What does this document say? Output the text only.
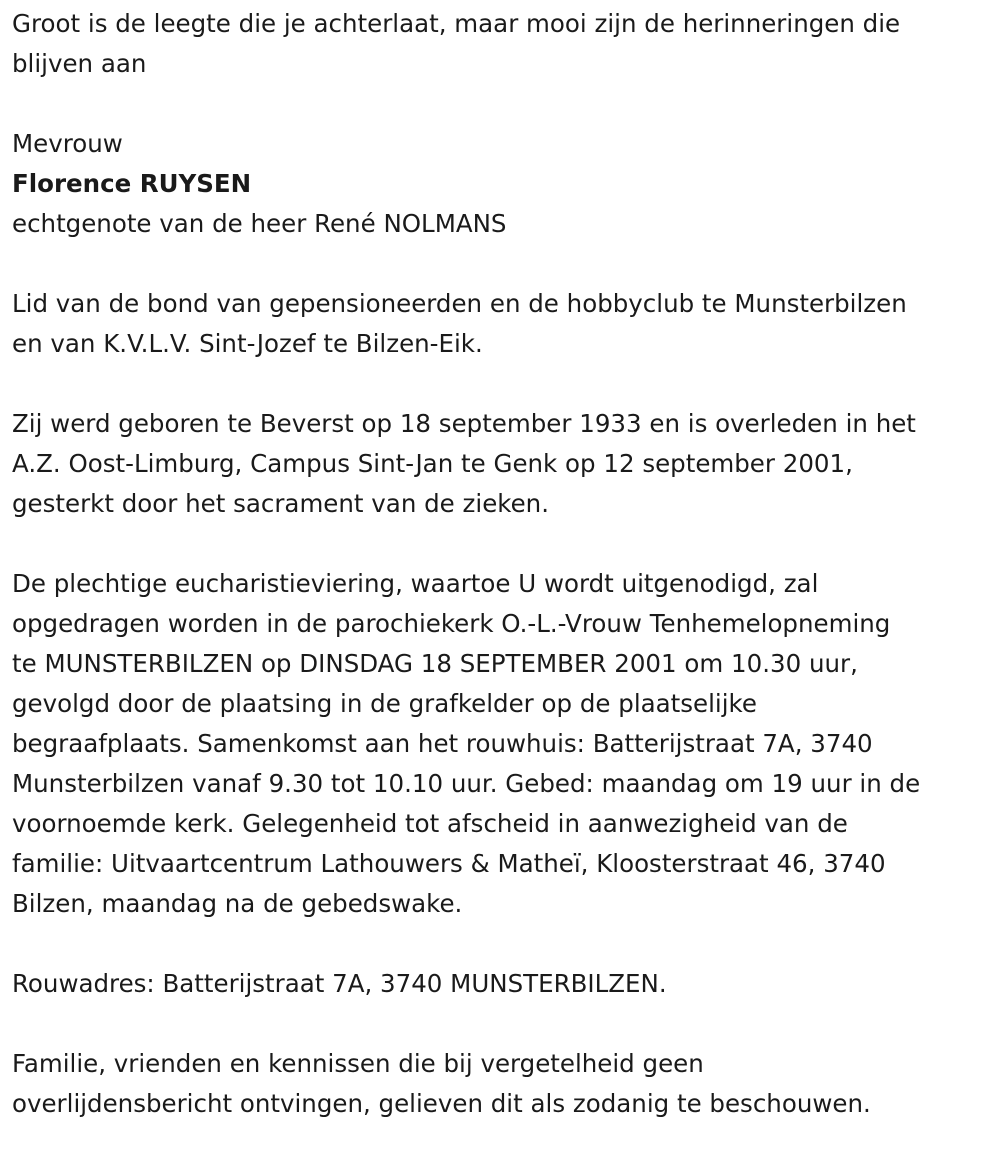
Groot is de leegte die je achterlaat, maar mooi zijn de herinneringen die
blijven aan
Mevrouw
Florence RUYSEN
echtgenote van de heer René NOLMANS
Lid van de bond van gepensioneerden en de hobbyclub te Munsterbilzen
en van K.V.L.V. Sint-Jozef te Bilzen-Eik.
Zij werd geboren te Beverst op 18 september 1933 en is overleden in het
A.Z. Oost-Limburg, Campus Sint-Jan te Genk op 12 september 2001,
gesterkt door het sacrament van de zieken.
De plechtige eucharistieviering, waartoe U wordt uitgenodigd, zal
opgedragen worden in de parochiekerk O.-L.-Vrouw Tenhemelopneming
te MUNSTERBILZEN op DINSDAG 18 SEPTEMBER 2001 om 10.30 uur,
gevolgd door de plaatsing in de grafkelder op de plaatselijke
begraafplaats. Samenkomst aan het rouwhuis: Batterijstraat 7A, 3740
Munsterbilzen vanaf 9.30 tot 10.10 uur. Gebed: maandag om 19 uur in de
voornoemde kerk. Gelegenheid tot afscheid in aanwezigheid van de
familie: Uitvaartcentrum Lathouwers & Matheï, Kloosterstraat 46, 3740
Bilzen, maandag na de gebedswake.
Rouwadres: Batterijstraat 7A, 3740 MUNSTERBILZEN.
Familie, vrienden en kennissen die bij vergetelheid geen
overlijdensbericht ontvingen, gelieven dit als zodanig te beschouwen.
